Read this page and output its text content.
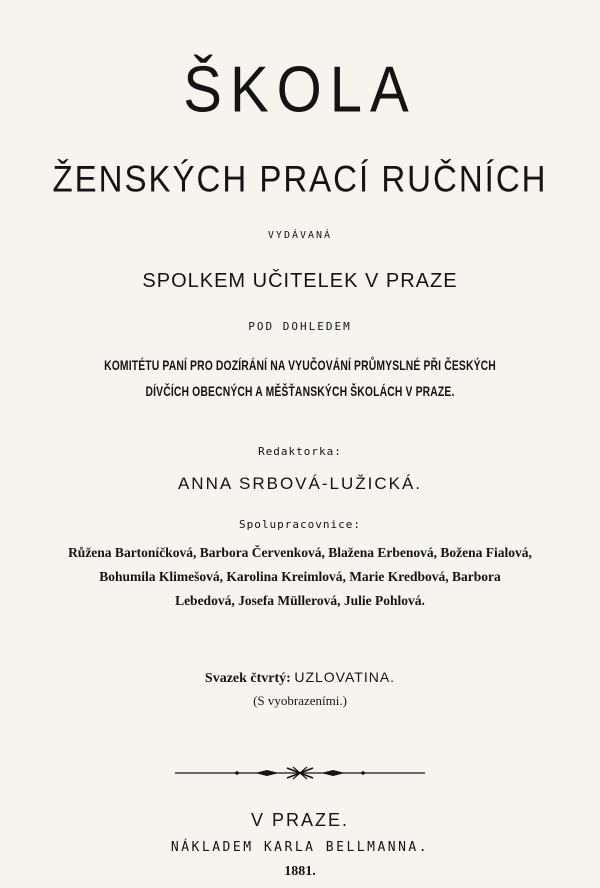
ŠKOLA
ŽENSKÝCH PRACÍ RUČNÍCH
VYDÁVANÁ
SPOLKEM UČITELEK V PRAZE
POD DOHLEDEM
KOMITÉTU PANÍ PRO DOZÍRÁNÍ NA VYUČOVÁNÍ PRŮMYSLNÉ PŘI ČESKÝCH
DÍVČÍCH OBECNÝCH A MĚŠŤANSKÝCH ŠKOLÁCH V PRAZE.
Redaktorka:
ANNA SRBOVÁ-LUŽICKÁ.
Spolupracovnice:
Růžena Bartoníčková, Barbora Červenková, Blažena Erbenová, Božena Fialová,
Bohumila Klimešová, Karolina Kreimlová, Marie Kredbová, Barbora
Lebedová, Josefa Müllerová, Julie Pohlová.
Svazek čtvrtý: UZLOVATINA.
(S vyobrazeními.)
V PRAZE.
NÁKLADEM KARLA BELLMANNA.
1881.
